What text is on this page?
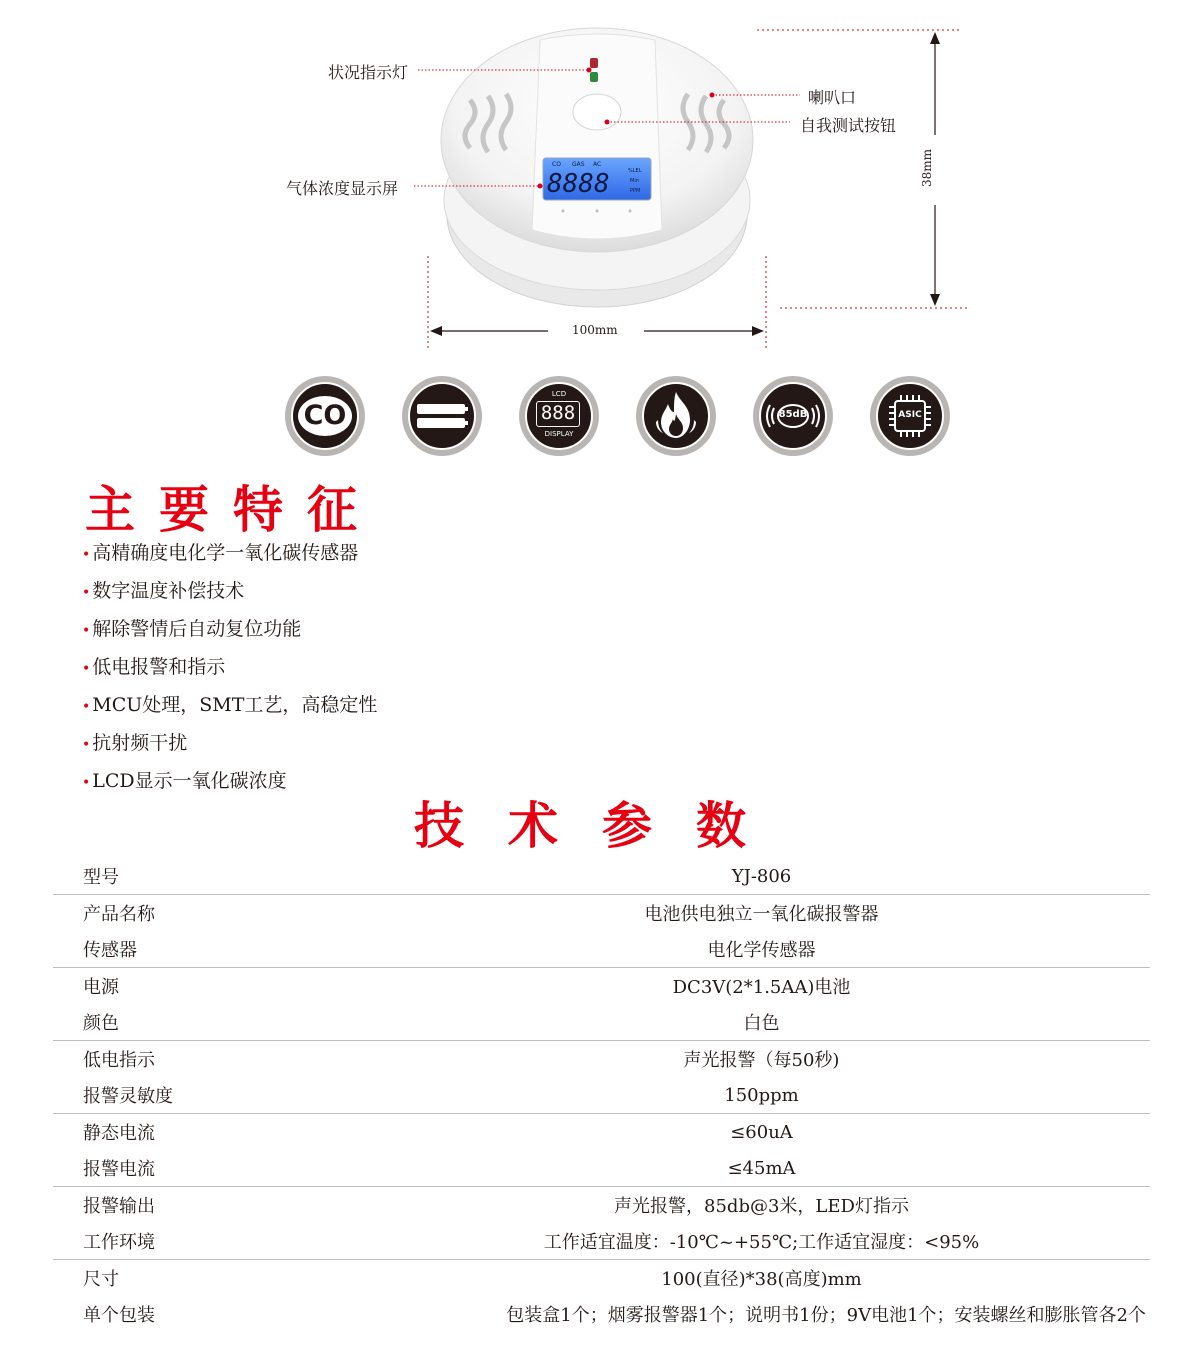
CO GAS AC
8888	%LEL
Min
PPM
状况指示灯
喇叭口
自我测试按钮
气体浓度显示屏
38mm
100mm
CO
LCD
888
DISPLAY
85dB	ASIC
主要特征
• 高精确度电化学一氧化碳传感器
• 数字温度补偿技术
• 解除警情后自动复位功能
• 低电报警和指示
• MCU处理，SMT工艺，高稳定性
• 抗射频干扰
• LCD显示一氧化碳浓度
技术参数
型号	YJ-806
产品名称	电池供电独立一氧化碳报警器
传感器	电化学传感器
电源	DC3V(2*1.5AA)电池
颜色	白色
低电指示	声光报警（每50秒)
报警灵敏度	150ppm
静态电流	≤60uA
报警电流	≤45mA
报警输出	声光报警，85db@3米，LED灯指示
工作环境	工作适宜温度：-10℃~+55℃;工作适宜湿度：<95%
尺寸	100(直径)*38(高度)mm
单个包装	包装盒1个；烟雾报警器1个；说明书1份；9V电池1个；安装螺丝和膨胀管各2个
